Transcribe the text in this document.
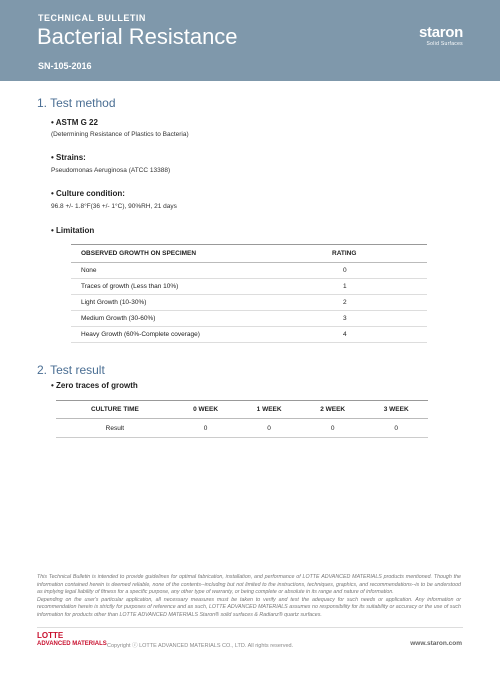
TECHNICAL BULLETIN
Bacterial Resistance
SN-105-2016
staron
Solid Surfaces
1. Test method
• ASTM G 22
(Determining Resistance of Plastics to Bacteria)
• Strains:
Pseudomonas Aeruginosa (ATCC 13388)
• Culture condition:
96.8 +/- 1.8°F(36 +/- 1°C), 90%RH, 21 days
• Limitation
OBSERVED GROWTH ON SPECIMEN	RATING
None	0
Traces of growth (Less than 10%)	1
Light Growth (10-30%)	2
Medium Growth (30-60%)	3
Heavy Growth (60%-Complete coverage)	4
2. Test result
• Zero traces of growth
CULTURE TIME	0 WEEK	1 WEEK	2 WEEK	3 WEEK
Result	0	0	0	0

This Technical Bulletin is intended to provide guidelines for optimal fabrication, installation, and performance of LOTTE ADVANCED MATERIALS products mentioned. Though the information contained herein is deemed reliable, none of the contents--including but not limited to the instructions, techniques, graphics, and recommendations--is to be understood as implying legal liability of fitness for a specific purpose, any other type of warranty, or being complete or absolute in its range and nature of information.

Depending on the user's particular application, all necessary measures must be taken to verify and test the adequacy for such needs or application. Any information or recommendation herein is strictly for purposes of reference and as such, LOTTE ADVANCED MATERIALS assumes no responsibility for its suitability or accuracy or the use of such information for products other than LOTTE ADVANCED MATERIALS Staron® solid surfaces & Radianz® quartz surfaces.

LOTTE
ADVANCED MATERIALS Copyright ⓒ LOTTE ADVANCED MATERIALS CO., LTD. All rights reserved.	www.staron.com
